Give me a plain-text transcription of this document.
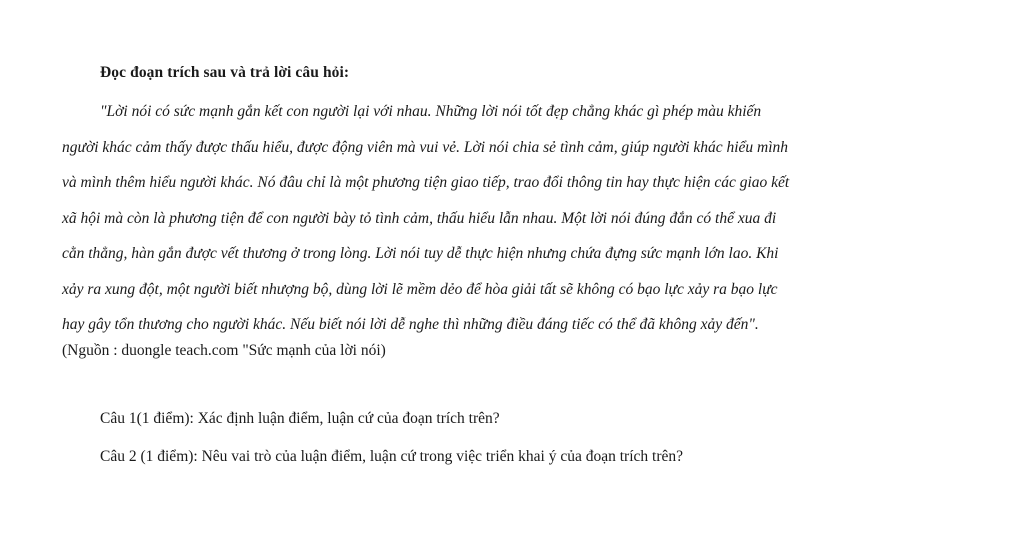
Đọc đoạn trích sau và trả lời câu hỏi:
"Lời nói có sức mạnh gắn kết con người lại với nhau. Những lời nói tốt đẹp chẳng khác gì phép màu khiến
người khác cảm thấy được thấu hiểu, được động viên mà vui vẻ. Lời nói chia sẻ tình cảm, giúp người khác hiểu mình
và mình thêm hiểu người khác. Nó đâu chỉ là một phương tiện giao tiếp, trao đổi thông tin hay thực hiện các giao kết
xã hội mà còn là phương tiện để con người bày tỏ tình cảm, thấu hiểu lẫn nhau. Một lời nói đúng đắn có thể xua đi
cằn thẳng, hàn gắn được vết thương ở trong lòng. Lời nói tuy dễ thực hiện nhưng chứa đựng sức mạnh lớn lao. Khi
xảy ra xung đột, một người biết nhượng bộ, dùng lời lẽ mềm dẻo để hòa giải tất sẽ không có bạo lực xảy ra bạo lực
hay gây tổn thương cho người khác. Nếu biết nói lời dễ nghe thì những điều đáng tiếc có thể đã không xảy đến".
(Nguồn : duongle teach.com "Sức mạnh của lời nói)
Câu 1(1 điểm): Xác định luận điểm, luận cứ của đoạn trích trên?
Câu 2 (1 điểm): Nêu vai trò của luận điểm, luận cứ trong việc triển khai ý của đoạn trích trên?
